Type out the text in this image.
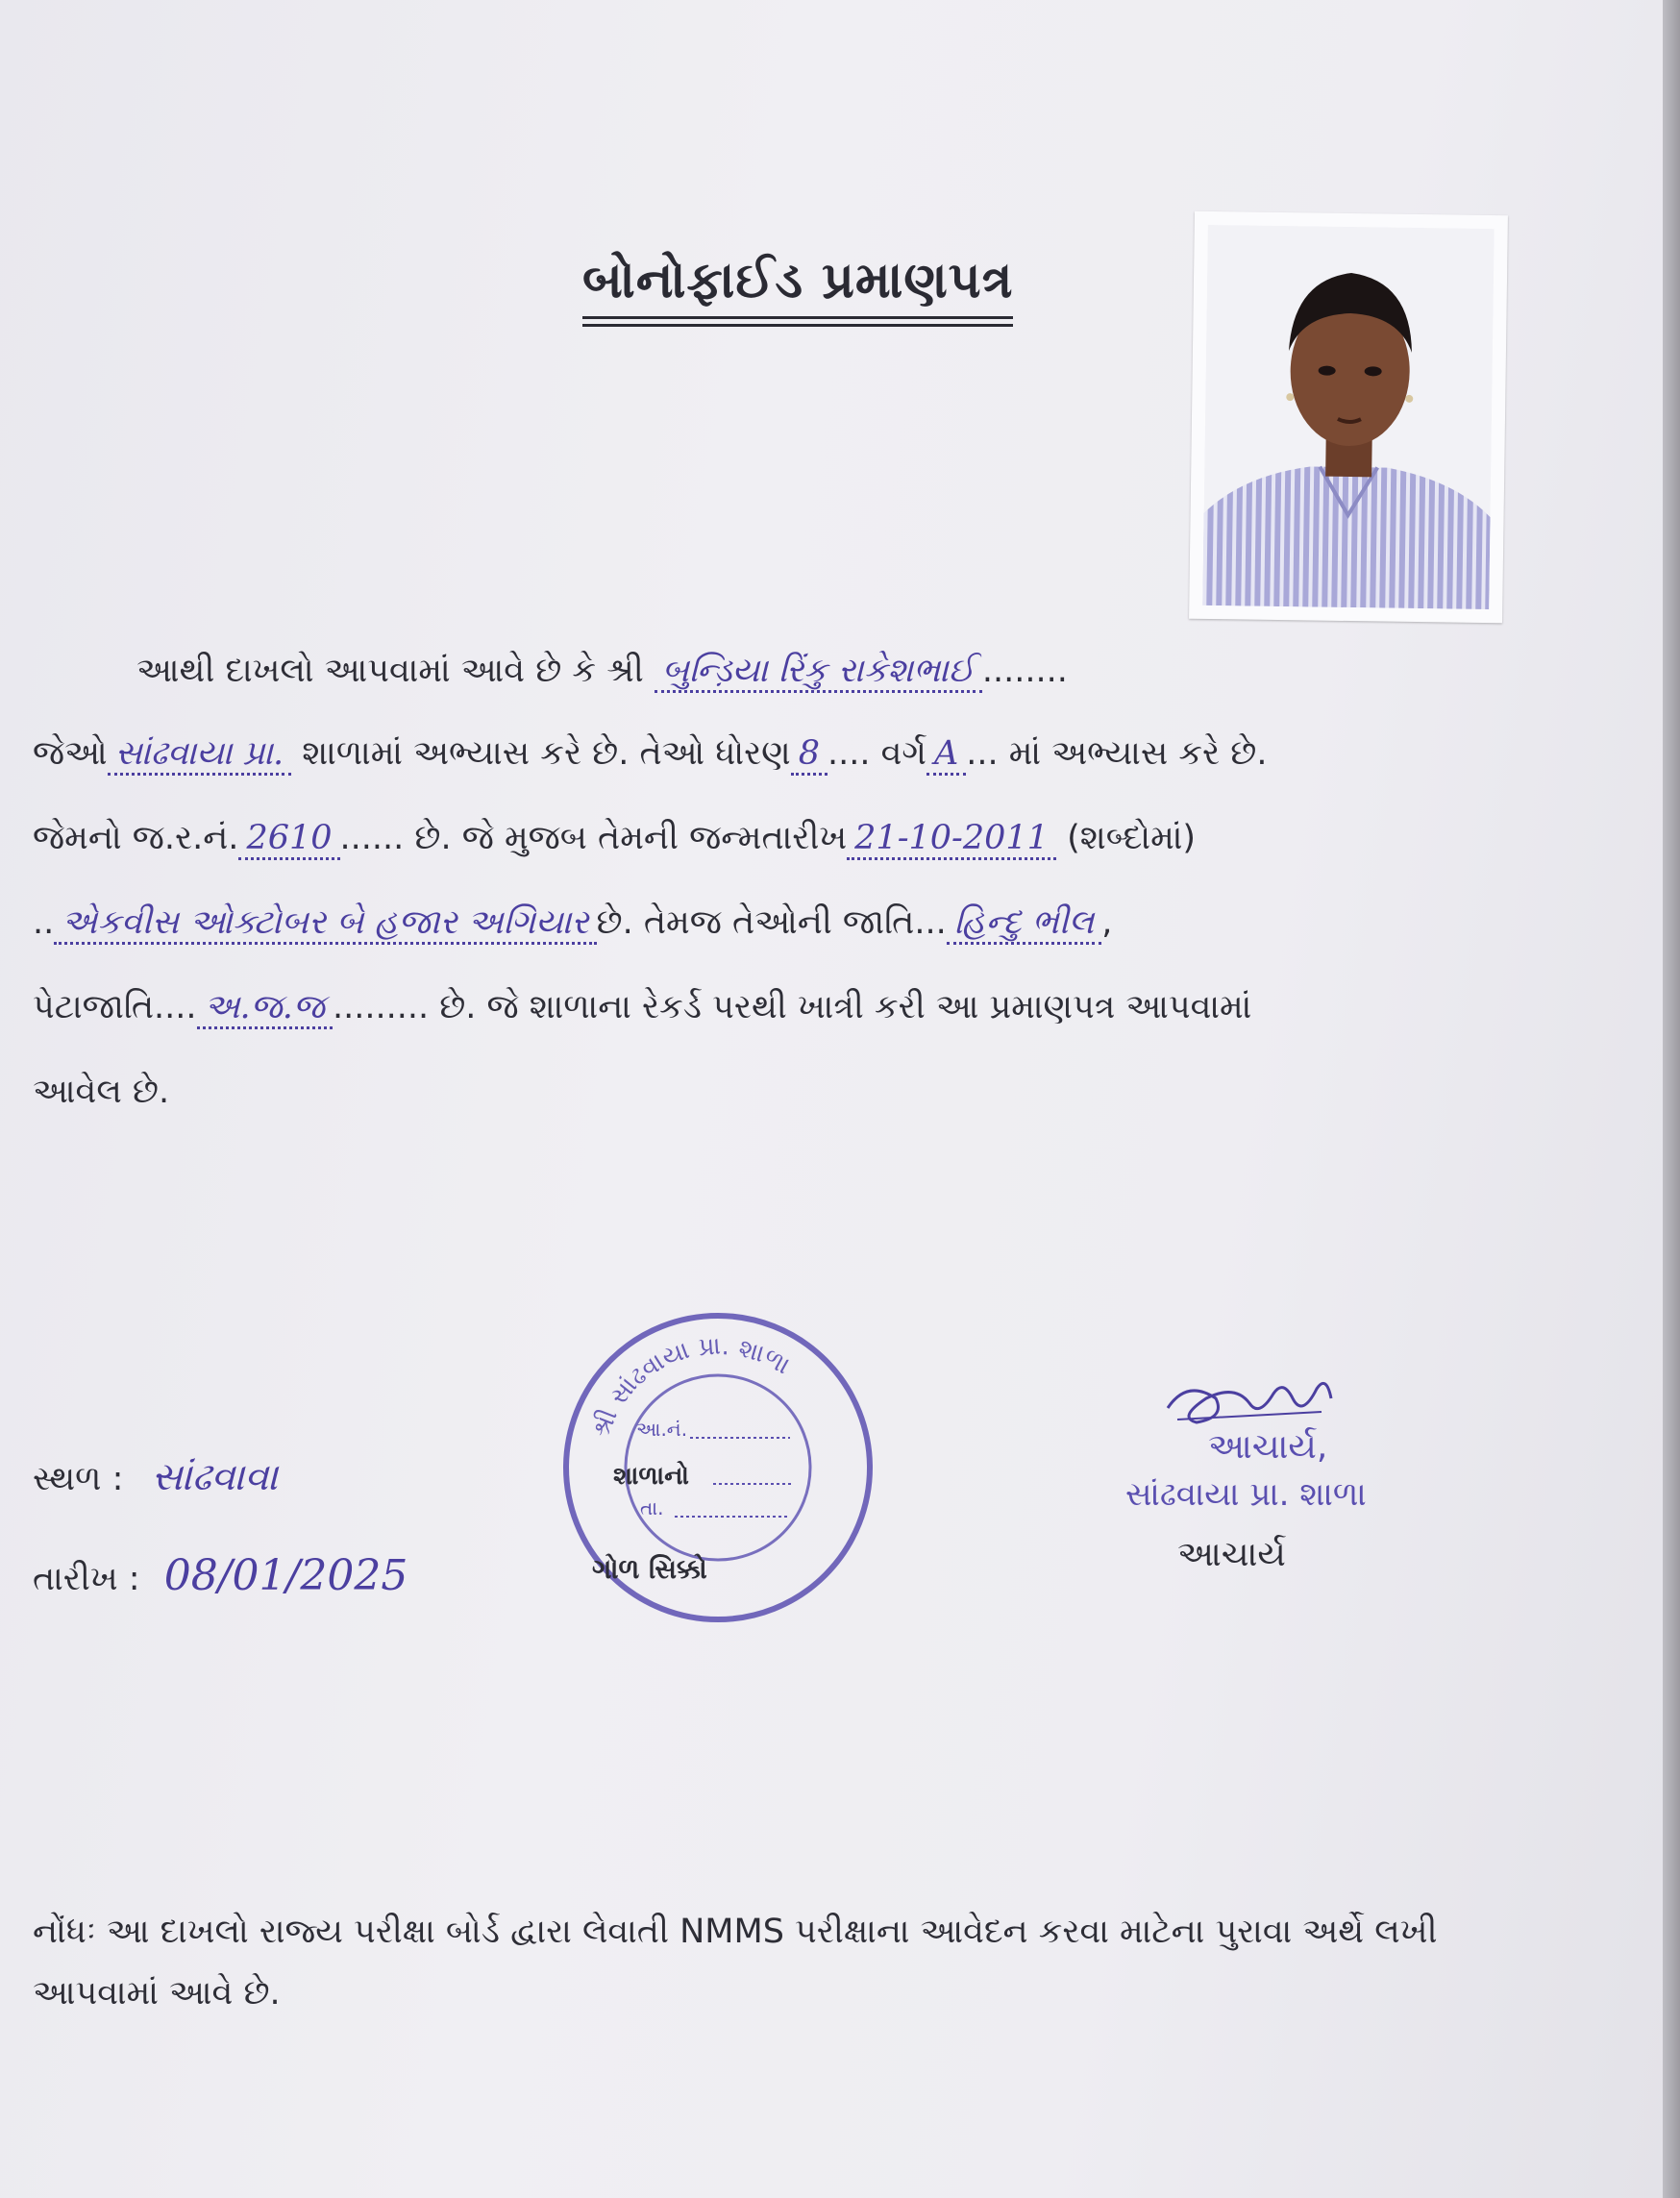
બોનોફાઈડ પ્રમાણપત્ર
આથી દાખલો આપવામાં આવે છે કે શ્રી બુન્ડ઼િયા રિંકુ રાકેશભાઈ ........
જેઓ સાંઢવાયા પ્રા. શાળામાં અભ્યાસ કરે છે. તેઓ ધોરણ 8 .... વર્ગ A ... માં અભ્યાસ કરે છે.
જેમનો જ.ર.નં. 2610 ...... છે. જે મુજબ તેમની જન્મતારીખ 21-10-2011 (શબ્દોમાં)
.. એકવીસ ઓક્ટોબર બે હજાર અગિયાર છે. તેમજ તેઓની જાતિ... હિન્દુ ભીલ ,
પેટાજાતિ.... અ.જ.જ ......... છે. જે શાળાના રેકર્ડ પરથી ખાત્રી કરી આ પ્રમાણપત્ર આપવામાં
આવેલ છે.
સ્થળ : સાંઢવાવા
તારીખ : 08/01/2025
શ્રી સાંઢવાયા પ્રા. શાળા
આ.નં.
શાળાનો
તા.
ગોળ સિક્કો
આચાર્ય,
સાંઢવાયા પ્રા. શાળા
આચાર્ય
નોંધઃ આ દાખલો રાજ્ય પરીક્ષા બોર્ડ દ્વારા લેવાતી NMMS પરીક્ષાના આવેદન કરવા માટેના પુરાવા અર્થે લખી
આપવામાં આવે છે.
